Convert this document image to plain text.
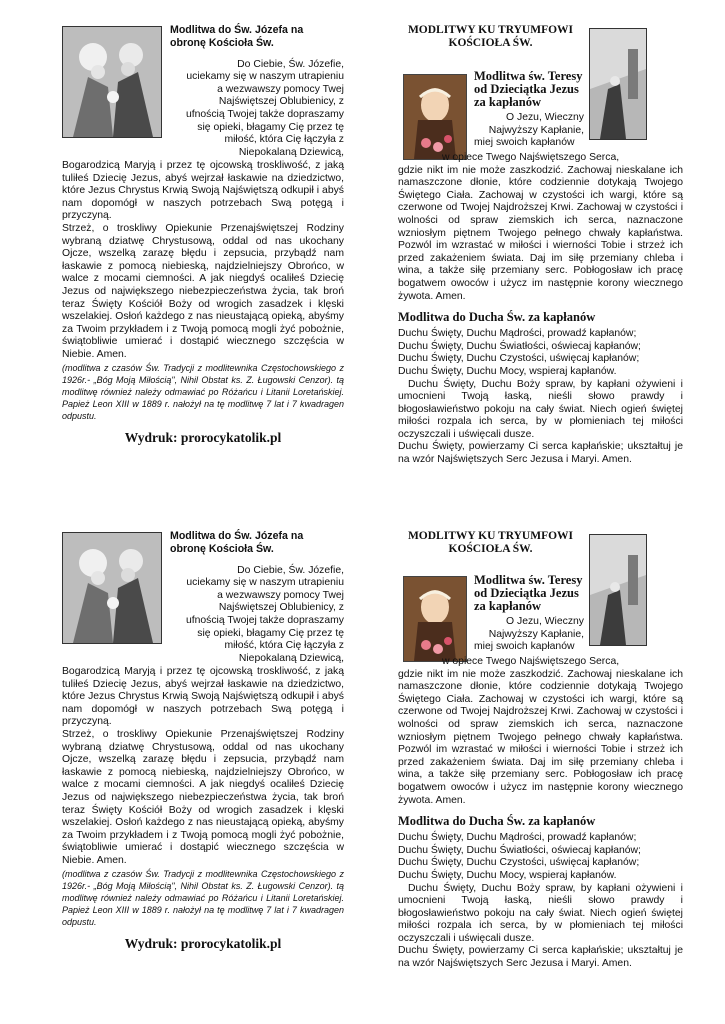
Modlitwa do Św. Józefa na
obronę Kościoła Św.

Do Ciebie, Św. Józefie,

uciekamy się w naszym utrapieniu

a wezwawszy pomocy Twej

Najświętszej Oblubienicy, z

ufnością Twojej także dopraszamy

się opieki, błagamy Cię przez tę

miłość, która Cię łączyła z

Niepokalaną Dziewicą,

Bogarodzicą Maryją i przez tę ojcowską troskliwość, z jaką tuliłeś Dziecię Jezus, abyś wejrzał łaskawie na dziedzictwo, które Jezus Chrystus Krwią Swoją Najświętszą odkupił i abyś nam dopomógł w naszych potrzebach Swą potęgą i przyczyną.

Strzeż, o troskliwy Opiekunie Przenajświętszej Rodziny wybraną dziatwę Chrystusową, oddal od nas ukochany Ojcze, wszelką zarazę błędu i zepsucia, przybądź nam łaskawie z pomocą niebieską, najdzielniejszy Obrońco, w walce z mocami ciemności. A jak niegdyś ocaliłeś Dziecię Jezus od największego niebezpieczeństwa życia, tak broń teraz Święty Kościół Boży od wrogich zasadzek i klęski wszelakiej. Osłoń każdego z nas nieustającą opieką, abyśmy za Twoim przykładem i z Twoją pomocą mogli żyć pobożnie, świątobliwie umierać i dostąpić wiecznego szczęścia w Niebie. Amen.

(modlitwa z czasów Św. Tradycji z modlitewnika Częstochowskiego z 1926r.- „Bóg Moją Miłością", Nihil Obstat ks. Z. Ługowski Cenzor). tą modlitwę również należy odmawiać po Różańcu i Litanii Loretańskiej. Papież Leon XIII w 1889 r. nałożył na tę modlitwę 7 lat i 7 kwadragen odpustu.

Wydruk: prorocykatolik.pl

MODLITWY KU TRYUMFOWI
KOŚCIOŁA ŚW.

Modlitwa św. Teresy
od Dzieciątka Jezus
za kapłanów

O Jezu, Wieczny

Najwyższy Kapłanie,

miej swoich kapłanów

w opiece Twego Najświętszego Serca,

gdzie nikt im nie może zaszkodzić. Zachowaj nieskalane ich namaszczone dłonie, które codziennie dotykają Twojego Świętego Ciała. Zachowaj w czystości ich wargi, które są czerwone od Twojej Najdroższej Krwi. Zachowaj w czystości i wolności od spraw ziemskich ich serca, naznaczone wzniosłym piętnem Twojego pełnego chwały kapłaństwa. Pozwól im wzrastać w miłości i wierności Tobie i strzeż ich przed zakażeniem świata. Daj im siłę przemiany chleba i wina, a także siłę przemiany serc. Pobłogosław ich pracę bogatwem owoców i użycz im następnie korony wiecznego żywota. Amen.

Modlitwa do Ducha Św. za kapłanów

Duchu Święty, Duchu Mądrości, prowadź kapłanów;

Duchu Święty, Duchu Światłości, oświecaj kapłanów;

Duchu Święty, Duchu Czystości, uświęcaj kapłanów;

Duchu Święty, Duchu Mocy, wspieraj kapłanów.

Duchu Święty, Duchu Boży spraw, by kapłani ożywieni i umocnieni Twoją łaską, nieśli słowo prawdy i błogosławieństwo pokoju na cały świat. Niech ogień świętej miłości rozpala ich serca, by w płomieniach tej miłości oczyszczali i uświęcali dusze.

Duchu Święty, powierzamy Ci serca kapłańskie; ukształtuj je na wzór Najświętszych Serc Jezusa i Maryi. Amen.

Modlitwa do Św. Józefa na
obronę Kościoła Św.

Do Ciebie, Św. Józefie,

uciekamy się w naszym utrapieniu

a wezwawszy pomocy Twej

Najświętszej Oblubienicy, z

ufnością Twojej także dopraszamy

się opieki, błagamy Cię przez tę

miłość, która Cię łączyła z

Niepokalaną Dziewicą,

Bogarodzicą Maryją i przez tę ojcowską troskliwość, z jaką tuliłeś Dziecię Jezus, abyś wejrzał łaskawie na dziedzictwo, które Jezus Chrystus Krwią Swoją Najświętszą odkupił i abyś nam dopomógł w naszych potrzebach Swą potęgą i przyczyną.

Strzeż, o troskliwy Opiekunie Przenajświętszej Rodziny wybraną dziatwę Chrystusową, oddal od nas ukochany Ojcze, wszelką zarazę błędu i zepsucia, przybądź nam łaskawie z pomocą niebieską, najdzielniejszy Obrońco, w walce z mocami ciemności. A jak niegdyś ocaliłeś Dziecię Jezus od największego niebezpieczeństwa życia, tak broń teraz Święty Kościół Boży od wrogich zasadzek i klęski wszelakiej. Osłoń każdego z nas nieustającą opieką, abyśmy za Twoim przykładem i z Twoją pomocą mogli żyć pobożnie, świątobliwie umierać i dostąpić wiecznego szczęścia w Niebie. Amen.

(modlitwa z czasów Św. Tradycji z modlitewnika Częstochowskiego z 1926r.- „Bóg Moją Miłością", Nihil Obstat ks. Z. Ługowski Cenzor). tą modlitwę również należy odmawiać po Różańcu i Litanii Loretańskiej. Papież Leon XIII w 1889 r. nałożył na tę modlitwę 7 lat i 7 kwadragen odpustu.

Wydruk: prorocykatolik.pl

MODLITWY KU TRYUMFOWI
KOŚCIOŁA ŚW.

Modlitwa św. Teresy
od Dzieciątka Jezus
za kapłanów

O Jezu, Wieczny

Najwyższy Kapłanie,

miej swoich kapłanów

w opiece Twego Najświętszego Serca,

gdzie nikt im nie może zaszkodzić. Zachowaj nieskalane ich namaszczone dłonie, które codziennie dotykają Twojego Świętego Ciała. Zachowaj w czystości ich wargi, które są czerwone od Twojej Najdroższej Krwi. Zachowaj w czystości i wolności od spraw ziemskich ich serca, naznaczone wzniosłym piętnem Twojego pełnego chwały kapłaństwa. Pozwól im wzrastać w miłości i wierności Tobie i strzeż ich przed zakażeniem świata. Daj im siłę przemiany chleba i wina, a także siłę przemiany serc. Pobłogosław ich pracę bogatwem owoców i użycz im następnie korony wiecznego żywota. Amen.

Modlitwa do Ducha Św. za kapłanów

Duchu Święty, Duchu Mądrości, prowadź kapłanów;

Duchu Święty, Duchu Światłości, oświecaj kapłanów;

Duchu Święty, Duchu Czystości, uświęcaj kapłanów;

Duchu Święty, Duchu Mocy, wspieraj kapłanów.

Duchu Święty, Duchu Boży spraw, by kapłani ożywieni i umocnieni Twoją łaską, nieśli słowo prawdy i błogosławieństwo pokoju na cały świat. Niech ogień świętej miłości rozpala ich serca, by w płomieniach tej miłości oczyszczali i uświęcali dusze.

Duchu Święty, powierzamy Ci serca kapłańskie; ukształtuj je na wzór Najświętszych Serc Jezusa i Maryi. Amen.
